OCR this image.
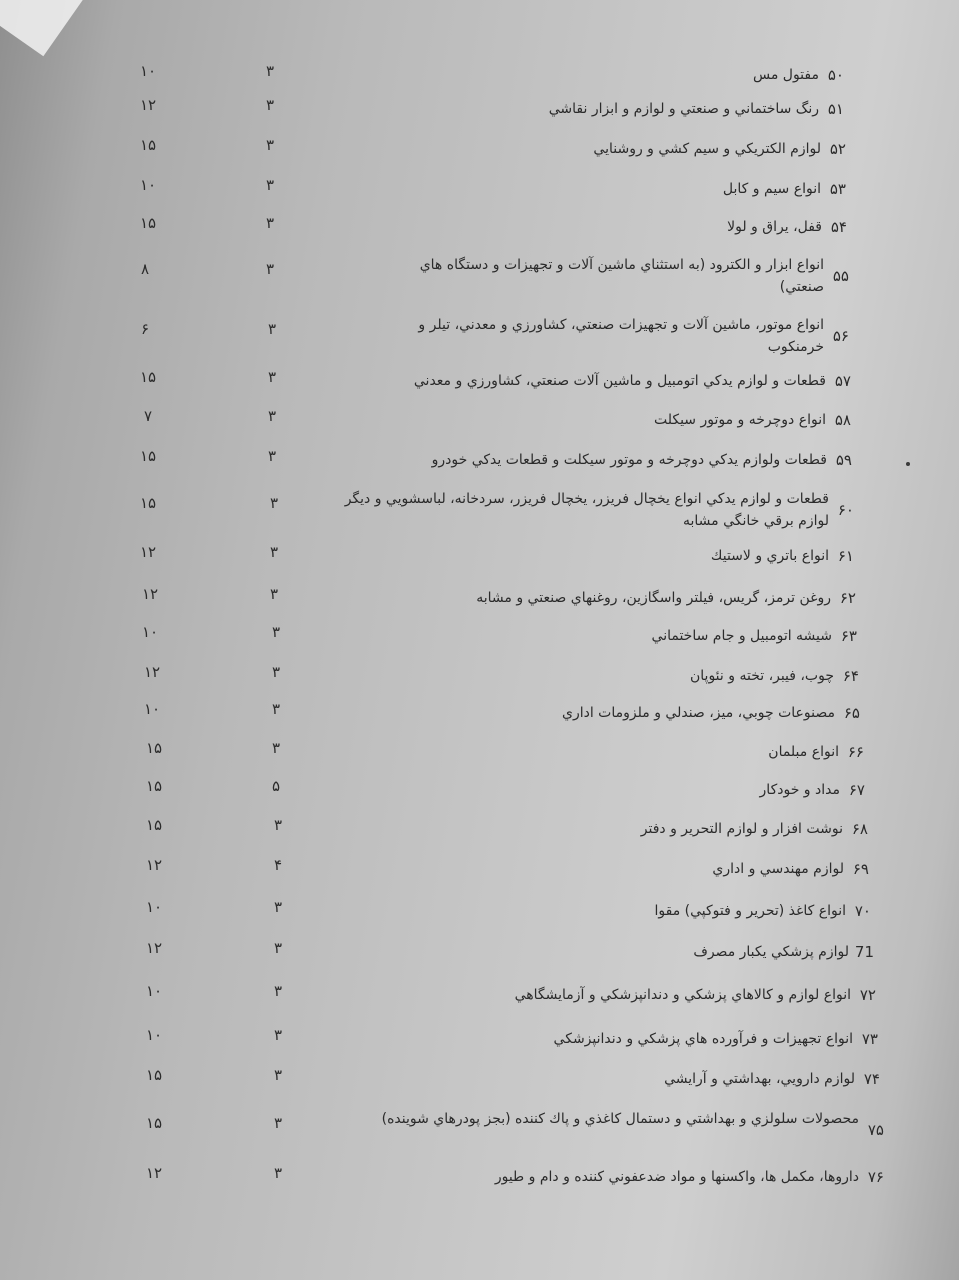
۵۰
مفتول مس
۳
۱۰
۵۱
رنگ ساختماني و صنعتي و لوازم و ابزار نقاشي
۳
۱۲
۵۲
لوازم الكتريكي و سيم كشي و روشنايي
۳
۱۵
۵۳
انواع سيم و كابل
۳
۱۰
۵۴
قفل، يراق و لولا
۳
۱۵
۵۵
انواع ابزار و الكترود (به استثناي ماشين آلات و تجهيزات و دستگاه هاي صنعتي)
۳
۸
۵۶
انواع موتور، ماشين آلات و تجهيزات صنعتي، كشاورزي و معدني، تيلر و خرمنكوب
۳
۶
۵۷
قطعات و لوازم يدكي اتومبيل و ماشين آلات صنعتي، كشاورزي و معدني
۳
۱۵
۵۸
انواع دوچرخه و موتور سيكلت
۳
۷
۵۹
قطعات ولوازم يدكي دوچرخه و موتور سيكلت و قطعات يدكي خودرو
۳
۱۵
۶۰
قطعات و لوازم يدكي انواع يخچال فريزر، يخچال فريزر، سردخانه، لباسشويي و ديگر لوازم برقي خانگي مشابه
۳
۱۵
۶۱
انواع باتري و لاستيك
۳
۱۲
۶۲
روغن ترمز، گريس، فيلتر واسگازين، روغنهاي صنعتي و مشابه
۳
۱۲
۶۳
شيشه اتومبيل و جام ساختماني
۳
۱۰
۶۴
چوب، فيبر، تخته و نئوپان
۳
۱۲
۶۵
مصنوعات چوبي، ميز، صندلي و ملزومات اداري
۳
۱۰
۶۶
انواع مبلمان
۳
۱۵
۶۷
مداد و خودكار
۵
۱۵
۶۸
نوشت افزار و لوازم التحرير و دفتر
۳
۱۵
۶۹
لوازم مهندسي و اداري
۴
۱۲
۷۰
انواع كاغذ (تحرير و فتوكپي) مقوا
۳
۱۰
71
لوازم پزشكي يكبار مصرف
۳
۱۲
۷۲
انواع لوازم و كالاهاي پزشكي و دندانپزشكي و آزمايشگاهي
۳
۱۰
۷۳
انواع تجهيزات و فرآورده هاي پزشكي و دندانپزشكي
۳
۱۰
۷۴
لوازم دارويي، بهداشتي و آرايشي
۳
۱۵
۷۵
محصولات سلولزي و بهداشتي و دستمال كاغذي و پاك كننده (بجز پودرهاي شوينده)
۳
۱۵
۷۶
داروها، مكمل ها، واكسنها و مواد ضدعفوني كننده و دام و طيور
۳
۱۲
